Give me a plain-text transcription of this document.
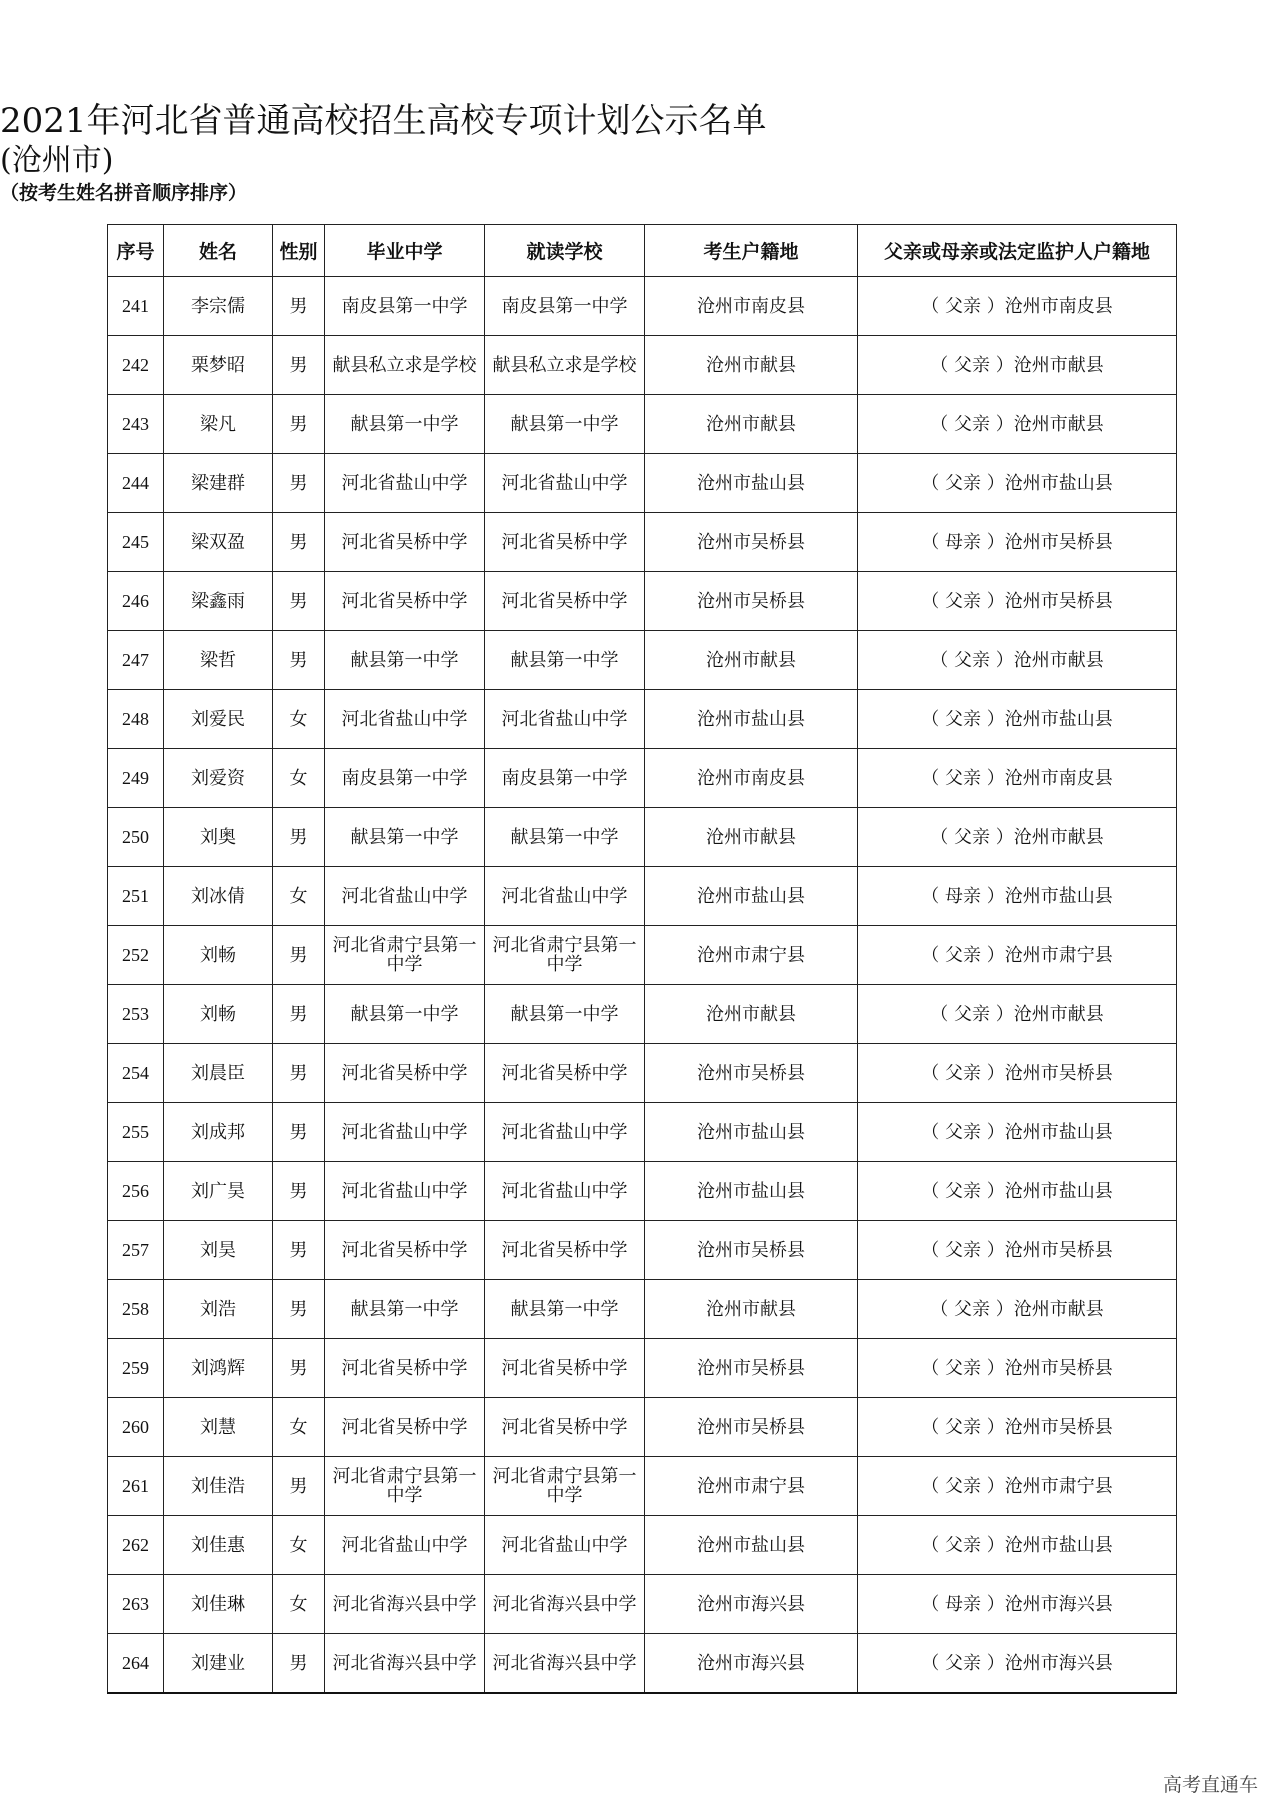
2021年河北省普通高校招生高校专项计划公示名单
(沧州市)
（按考生姓名拼音顺序排序）
序号	姓名	性别	毕业中学	就读学校	考生户籍地	父亲或母亲或法定监护人户籍地
241	李宗儒	男	南皮县第一中学	南皮县第一中学	沧州市南皮县	（ 父亲 ）沧州市南皮县
242	栗梦昭	男	献县私立求是学校	献县私立求是学校	沧州市献县	（ 父亲 ）沧州市献县
243	梁凡	男	献县第一中学	献县第一中学	沧州市献县	（ 父亲 ）沧州市献县
244	梁建群	男	河北省盐山中学	河北省盐山中学	沧州市盐山县	（ 父亲 ）沧州市盐山县
245	梁双盈	男	河北省吴桥中学	河北省吴桥中学	沧州市吴桥县	（ 母亲 ）沧州市吴桥县
246	梁鑫雨	男	河北省吴桥中学	河北省吴桥中学	沧州市吴桥县	（ 父亲 ）沧州市吴桥县
247	梁哲	男	献县第一中学	献县第一中学	沧州市献县	（ 父亲 ）沧州市献县
248	刘爱民	女	河北省盐山中学	河北省盐山中学	沧州市盐山县	（ 父亲 ）沧州市盐山县
249	刘爱资	女	南皮县第一中学	南皮县第一中学	沧州市南皮县	（ 父亲 ）沧州市南皮县
250	刘奥	男	献县第一中学	献县第一中学	沧州市献县	（ 父亲 ）沧州市献县
251	刘冰倩	女	河北省盐山中学	河北省盐山中学	沧州市盐山县	（ 母亲 ）沧州市盐山县
252	刘畅	男	河北省肃宁县第一中学	河北省肃宁县第一中学	沧州市肃宁县	（ 父亲 ）沧州市肃宁县
253	刘畅	男	献县第一中学	献县第一中学	沧州市献县	（ 父亲 ）沧州市献县
254	刘晨臣	男	河北省吴桥中学	河北省吴桥中学	沧州市吴桥县	（ 父亲 ）沧州市吴桥县
255	刘成邦	男	河北省盐山中学	河北省盐山中学	沧州市盐山县	（ 父亲 ）沧州市盐山县
256	刘广昊	男	河北省盐山中学	河北省盐山中学	沧州市盐山县	（ 父亲 ）沧州市盐山县
257	刘昊	男	河北省吴桥中学	河北省吴桥中学	沧州市吴桥县	（ 父亲 ）沧州市吴桥县
258	刘浩	男	献县第一中学	献县第一中学	沧州市献县	（ 父亲 ）沧州市献县
259	刘鸿辉	男	河北省吴桥中学	河北省吴桥中学	沧州市吴桥县	（ 父亲 ）沧州市吴桥县
260	刘慧	女	河北省吴桥中学	河北省吴桥中学	沧州市吴桥县	（ 父亲 ）沧州市吴桥县
261	刘佳浩	男	河北省肃宁县第一中学	河北省肃宁县第一中学	沧州市肃宁县	（ 父亲 ）沧州市肃宁县
262	刘佳惠	女	河北省盐山中学	河北省盐山中学	沧州市盐山县	（ 父亲 ）沧州市盐山县
263	刘佳琳	女	河北省海兴县中学	河北省海兴县中学	沧州市海兴县	（ 母亲 ）沧州市海兴县
264	刘建业	男	河北省海兴县中学	河北省海兴县中学	沧州市海兴县	（ 父亲 ）沧州市海兴县
高考直通车
